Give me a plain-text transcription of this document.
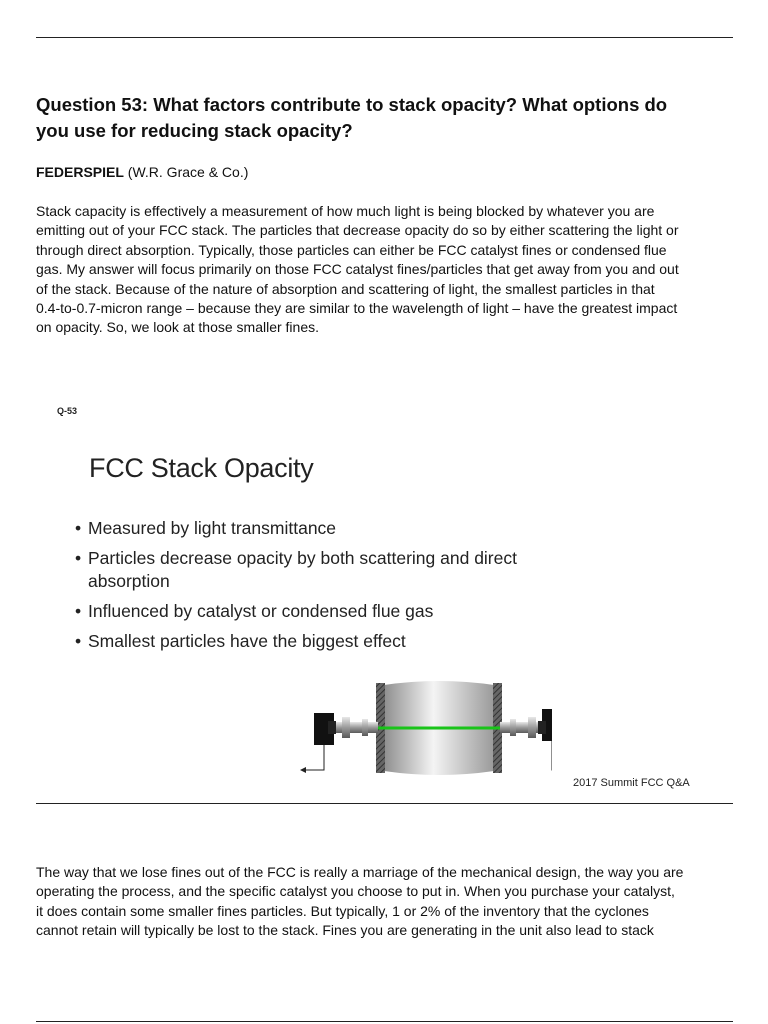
Question 53: What factors contribute to stack opacity? What options do
you use for reducing stack opacity?
FEDERSPIEL (W.R. Grace & Co.)
Stack capacity is effectively a measurement of how much light is being blocked by whatever you are
emitting out of your FCC stack. The particles that decrease opacity do so by either scattering the light or
through direct absorption. Typically, those particles can either be FCC catalyst fines or condensed flue
gas. My answer will focus primarily on those FCC catalyst fines/particles that get away from you and out
of the stack. Because of the nature of absorption and scattering of light, the smallest particles in that
0.4-to-0.7-micron range – because they are similar to the wavelength of light – have the greatest impact
on opacity. So, we look at those smaller fines.
Q-53
FCC Stack Opacity
• Measured by light transmittance
• Particles decrease opacity by both scattering and direct
absorption
• Influenced by catalyst or condensed flue gas
• Smallest particles have the biggest effect
2017 Summit FCC Q&A
The way that we lose fines out of the FCC is really a marriage of the mechanical design, the way you are
operating the process, and the specific catalyst you choose to put in. When you purchase your catalyst,
it does contain some smaller fines particles. But typically, 1 or 2% of the inventory that the cyclones
cannot retain will typically be lost to the stack. Fines you are generating in the unit also lead to stack
